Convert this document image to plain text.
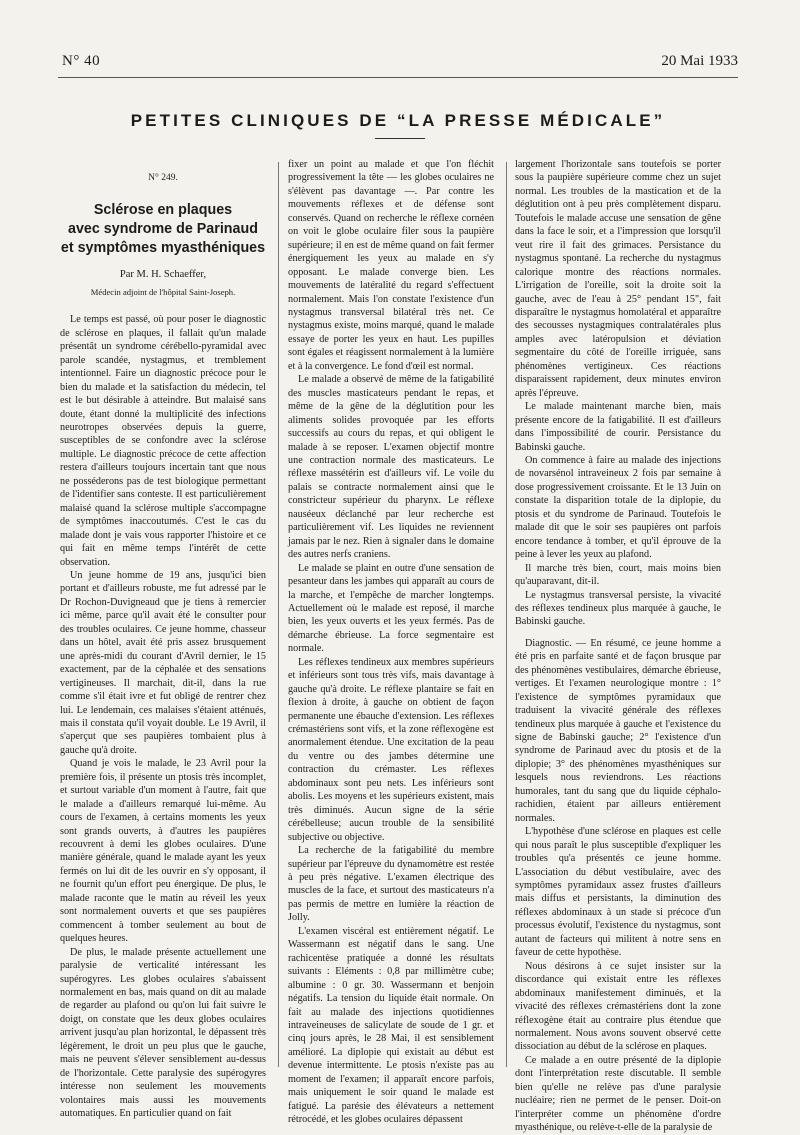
N° 40	20 Mai 1933
PETITES CLINIQUES DE “LA PRESSE MÉDICALE”
N° 249.
Sclérose en plaques
avec syndrome de Parinaud
et symptômes myasthéniques
Par M. H. Schaeffer,
Médecin adjoint de l'hôpital Saint-Joseph.

Le temps est passé, où pour poser le diagnostic de sclérose en plaques, il fallait qu'un malade présentât un syndrome cérébello-pyramidal avec parole scandée, nystagmus, et tremblement intentionnel. Faire un diagnostic précoce pour le bien du malade et la satisfaction du médecin, tel est le but désirable à atteindre. But malaisé sans doute, étant donné la multiplicité des infections neurotropes observées depuis la guerre, susceptibles de se confondre avec la sclérose multiple. Le diagnostic précoce de cette affection restera d'ailleurs toujours incertain tant que nous ne posséderons pas de test biologique permettant de l'identifier sans conteste. Il est particulièrement malaisé quand la sclérose multiple s'accompagne de symptômes inaccoutumés. C'est le cas du malade dont je vais vous rapporter l'histoire et ce qui fait en même temps l'intérêt de cette observation.

Un jeune homme de 19 ans, jusqu'ici bien portant et d'ailleurs robuste, me fut adressé par le Dr Rochon-Duvigneaud que je tiens à remercier ici même, parce qu'il avait été le consulter pour des troubles oculaires. Ce jeune homme, chasseur dans un hôtel, avait été pris assez brusquement une après-midi du courant d'Avril dernier, le 15 exactement, par de la céphalée et des sensations vertigineuses. Il marchait, dit-il, dans la rue comme s'il était ivre et fut obligé de rentrer chez lui. Le lendemain, ces malaises s'étaient atténués, mais il constata qu'il voyait double. Le 19 Avril, il s'aperçut que ses paupières tombaient plus à gauche qu'à droite.

Quand je vois le malade, le 23 Avril pour la première fois, il présente un ptosis très incomplet, et surtout variable d'un moment à l'autre, fait que le malade a d'ailleurs remarqué lui-même. Au cours de l'examen, à certains moments les yeux sont grands ouverts, à d'autres les paupières recouvrent à demi les globes oculaires. D'une manière générale, quand le malade ayant les yeux fermés on lui dit de les ouvrir en s'y opposant, il ne fournit qu'un effort peu énergique. De plus, le malade raconte que le matin au réveil les yeux sont normalement ouverts et que ses paupières commencent à tomber seulement au bout de quelques heures.

De plus, le malade présente actuellement une paralysie de verticalité intéressant les supérogyres. Les globes oculaires s'abaissent normalement en bas, mais quand on dit au malade de regarder au plafond ou qu'on lui fait suivre le doigt, on constate que les deux globes oculaires arrivent jusqu'au plan horizontal, le dépassent très légèrement, le droit un peu plus que le gauche, mais ne peuvent s'élever sensiblement au-dessus de l'horizontale. Cette paralysie des supérogyres intéresse non seulement les mouvements volontaires mais aussi les mouvements automatiques. En particulier quand on fait

fixer un point au malade et que l'on fléchit progressivement la tête — les globes oculaires ne s'élèvent pas davantage —. Par contre les mouvements réflexes et de défense sont conservés. Quand on recherche le réflexe cornéen on voit le globe oculaire filer sous la paupière supérieure; il en est de même quand on fait fermer énergiquement les yeux au malade en s'y opposant. Le malade converge bien. Les mouvements de latéralité du regard s'effectuent normalement. Mais l'on constate l'existence d'un nystagmus transversal bilatéral très net. Ce nystagmus existe, moins marqué, quand le malade essaye de porter les yeux en haut. Les pupilles sont égales et réagissent normalement à la lumière et à la convergence. Le fond d'œil est normal.

Le malade a observé de même de la fatigabilité des muscles masticateurs pendant le repas, et même de la gêne de la déglutition pour les aliments solides provoquée par les efforts successifs au cours du repas, et qui obligent le malade à se reposer. L'examen objectif montre une contraction normale des masticateurs. Le réflexe massétérin est d'ailleurs vif. Le voile du palais se contracte normalement ainsi que le constricteur supérieur du pharynx. Le réflexe nauséeux déclanché par leur recherche est particulièrement vif. Les liquides ne reviennent jamais par le nez. Rien à signaler dans le domaine des autres nerfs craniens.

Le malade se plaint en outre d'une sensation de pesanteur dans les jambes qui apparaît au cours de la marche, et l'empêche de marcher longtemps. Actuellement où le malade est reposé, il marche bien, les yeux ouverts et les yeux fermés. Pas de démarche ébrieuse. La force segmentaire est normale.

Les réflexes tendineux aux membres supérieurs et inférieurs sont tous très vifs, mais davantage à gauche qu'à droite. Le réflexe plantaire se fait en flexion à droite, à gauche on obtient de façon permanente une ébauche d'extension. Les réflexes crémastériens sont vifs, et la zone réflexogène est anormalement étendue. Une excitation de la peau du ventre ou des jambes détermine une contraction du crémaster. Les réflexes abdominaux sont peu nets. Les inférieurs sont abolis. Les moyens et les supérieurs existent, mais très diminués. Aucun signe de la série cérébelleuse; aucun trouble de la sensibilité subjective ou objective.

La recherche de la fatigabilité du membre supérieur par l'épreuve du dynamomètre est restée à peu près négative. L'examen électrique des muscles de la face, et surtout des masticateurs n'a pas permis de mettre en lumière la réaction de Jolly.

L'examen viscéral est entièrement négatif. Le Wassermann est négatif dans le sang. Une rachicentèse pratiquée a donné les résultats suivants : Eléments : 0,8 par millimètre cube; albumine : 0 gr. 30. Wassermann et benjoin négatifs. La tension du liquide était normale. On fait au malade des injections quotidiennes intraveineuses de salicylate de soude de 1 gr. et cinq jours après, le 28 Mai, il est sensiblement amélioré. La diplopie qui existait au début est devenue intermittente. Le ptosis n'existe pas au moment de l'examen; il apparaît encore parfois, mais uniquement le soir quand le malade est fatigué. La parésie des élévateurs a nettement rétrocédé, et les globes oculaires dépassent

largement l'horizontale sans toutefois se porter sous la paupière supérieure comme chez un sujet normal. Les troubles de la mastication et de la déglutition ont à peu près complètement disparu. Toutefois le malade accuse une sensation de gêne dans la face le soir, et a l'impression que lorsqu'il veut rire il fait des grimaces. Persistance du nystagmus spontané. La recherche du nystagmus calorique montre des réactions normales. L'irrigation de l'oreille, soit la droite soit la gauche, avec de l'eau à 25° pendant 15", fait disparaître le nystagmus homolatéral et apparaître des secousses nystagmiques contralatérales plus amples avec latéropulsion et déviation segmentaire du côté de l'oreille irriguée, sans phénomènes vertigineux. Ces réactions disparaissent rapidement, deux minutes environ après l'épreuve.

Le malade maintenant marche bien, mais présente encore de la fatigabilité. Il est d'ailleurs dans l'impossibilité de courir. Persistance du Babinski gauche.

On commence à faire au malade des injections de novarsénol intraveineux 2 fois par semaine à dose progressivement croissante. Et le 13 Juin on constate la disparition totale de la diplopie, du ptosis et du syndrome de Parinaud. Toutefois le malade dit que le soir ses paupières ont parfois encore tendance à tomber, et qu'il éprouve de la peine à lever les yeux au plafond.

Il marche très bien, court, mais moins bien qu'auparavant, dit-il.

Le nystagmus transversal persiste, la vivacité des réflexes tendineux plus marquée à gauche, le Babinski gauche.

Diagnostic. — En résumé, ce jeune homme a été pris en parfaite santé et de façon brusque par des phénomènes vestibulaires, démarche ébrieuse, vertiges. Et l'examen neurologique montre : 1° l'existence de symptômes pyramidaux que traduisent la vivacité générale des réflexes tendineux plus marquée à gauche et l'existence du signe de Babinski gauche; 2° l'existence d'un syndrome de Parinaud avec du ptosis et de la diplopie; 3° des phénomènes myasthéniques sur lesquels nous reviendrons. Les réactions humorales, tant du sang que du liquide céphalo-rachidien, étaient par ailleurs entièrement normales.

L'hypothèse d'une sclérose en plaques est celle qui nous paraît le plus susceptible d'expliquer les troubles qu'a présentés ce jeune homme. L'association du début vestibulaire, avec des symptômes pyramidaux assez frustes d'ailleurs mais diffus et persistants, la diminution des réflexes abdominaux à un stade si précoce d'un processus évolutif, l'existence du nystagmus, sont autant de facteurs qui militent à notre sens en faveur de cette hypothèse.

Nous désirons à ce sujet insister sur la discordance qui existait entre les réflexes abdominaux manifestement diminués, et la vivacité des réflexes crémastériens dont la zone réflexogène était au contraire plus étendue que normalement. Nous avons souvent observé cette dissociation au début de la sclérose en plaques.

Ce malade a en outre présenté de la diplopie dont l'interprétation reste discutable. Il semble bien qu'elle ne relève pas d'une paralysie nucléaire; rien ne permet de le penser. Doit-on l'interpréter comme un phénomène d'ordre myasthénique, ou relève-t-elle de la paralysie de
